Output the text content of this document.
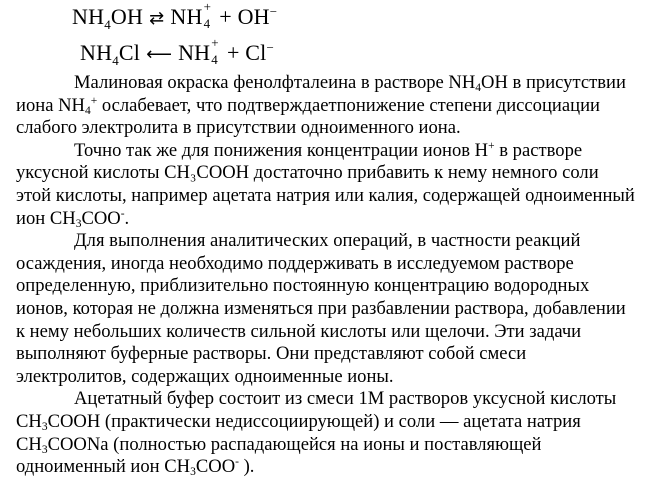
$NH_4OH$ ⇄ NH +
4 + OH−
$NH_4Cl$ ⟵ NH +
4 + Cl−
Малиновая окраска фенолфталеина в растворе $NH_4OH$ в присутствии
иона $NH_4^+$ ослабевает, что подтверждаетпонижение степени диссоциации
слабого электролита в присутствии одноименного иона.
Точно так же для понижения концентрации ионов H+ в растворе
уксусной кислоты CH₃COOH достаточно прибавить к нему немного соли
этой кислоты, например ацетата натрия или калия, содержащей одноименный
ион $CH_3COO^-$.
Для выполнения аналитических операций, в частности реакций
осаждения, иногда необходимо поддерживать в исследуемом растворе
определенную, приблизительно постоянную концентрацию водородных
ионов, которая не должна изменяться при разбавлении раствора, добавлении
к нему небольших количеств сильной кислоты или щелочи. Эти задачи
выполняют буферные растворы. Они представляют собой смеси
электролитов, содержащих одноименные ионы.
Ацетатный буфер состоит из смеси 1М растворов уксусной кислоты
$CH_3COOH$ (практически недиссоциирующей) и соли — ацетата натрия
$CH_3COONa$ (полностью распадающейся на ионы и поставляющей
одноименный ион $CH_3COO^-$ ).
